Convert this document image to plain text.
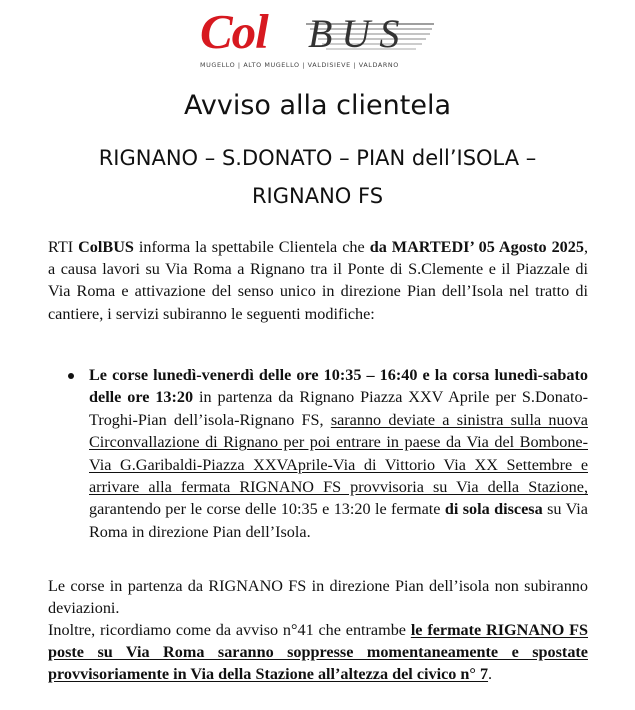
Col BUS
MUGELLO | ALTO MUGELLO | VALDISIEVE | VALDARNO
Avviso alla clientela
RIGNANO – S.DONATO – PIAN dell’ISOLA –
RIGNANO FS

RTI ColBUS informa la spettabile Clientela che da MARTEDI’ 05 Agosto 2025, a causa lavori su Via Roma a Rignano tra il Ponte di S.Clemente e il Piazzale di Via Roma e attivazione del senso unico in direzione Pian dell’Isola nel tratto di cantiere, i servizi subiranno le seguenti modifiche:

Le corse lunedì-venerdì delle ore 10:35 – 16:40 e la corsa lunedì-sabato delle ore 13:20 in partenza da Rignano Piazza XXV Aprile per S.Donato-Troghi-Pian dell’isola-Rignano FS, saranno deviate a sinistra sulla nuova Circonvallazione di Rignano per poi entrare in paese da Via del Bombone-Via G.Garibaldi-Piazza XXVAprile-Via di Vittorio Via XX Settembre e arrivare alla fermata RIGNANO FS provvisoria su Via della Stazione, garantendo per le corse delle 10:35 e 13:20 le fermate di sola discesa su Via Roma in direzione Pian dell’Isola.

Le corse in partenza da RIGNANO FS in direzione Pian dell’isola non subiranno deviazioni.

Inoltre, ricordiamo come da avviso n°41 che entrambe le fermate RIGNANO FS poste su Via Roma saranno soppresse momentaneamente e spostate provvisoriamente in Via della Stazione all’altezza del civico n° 7.
